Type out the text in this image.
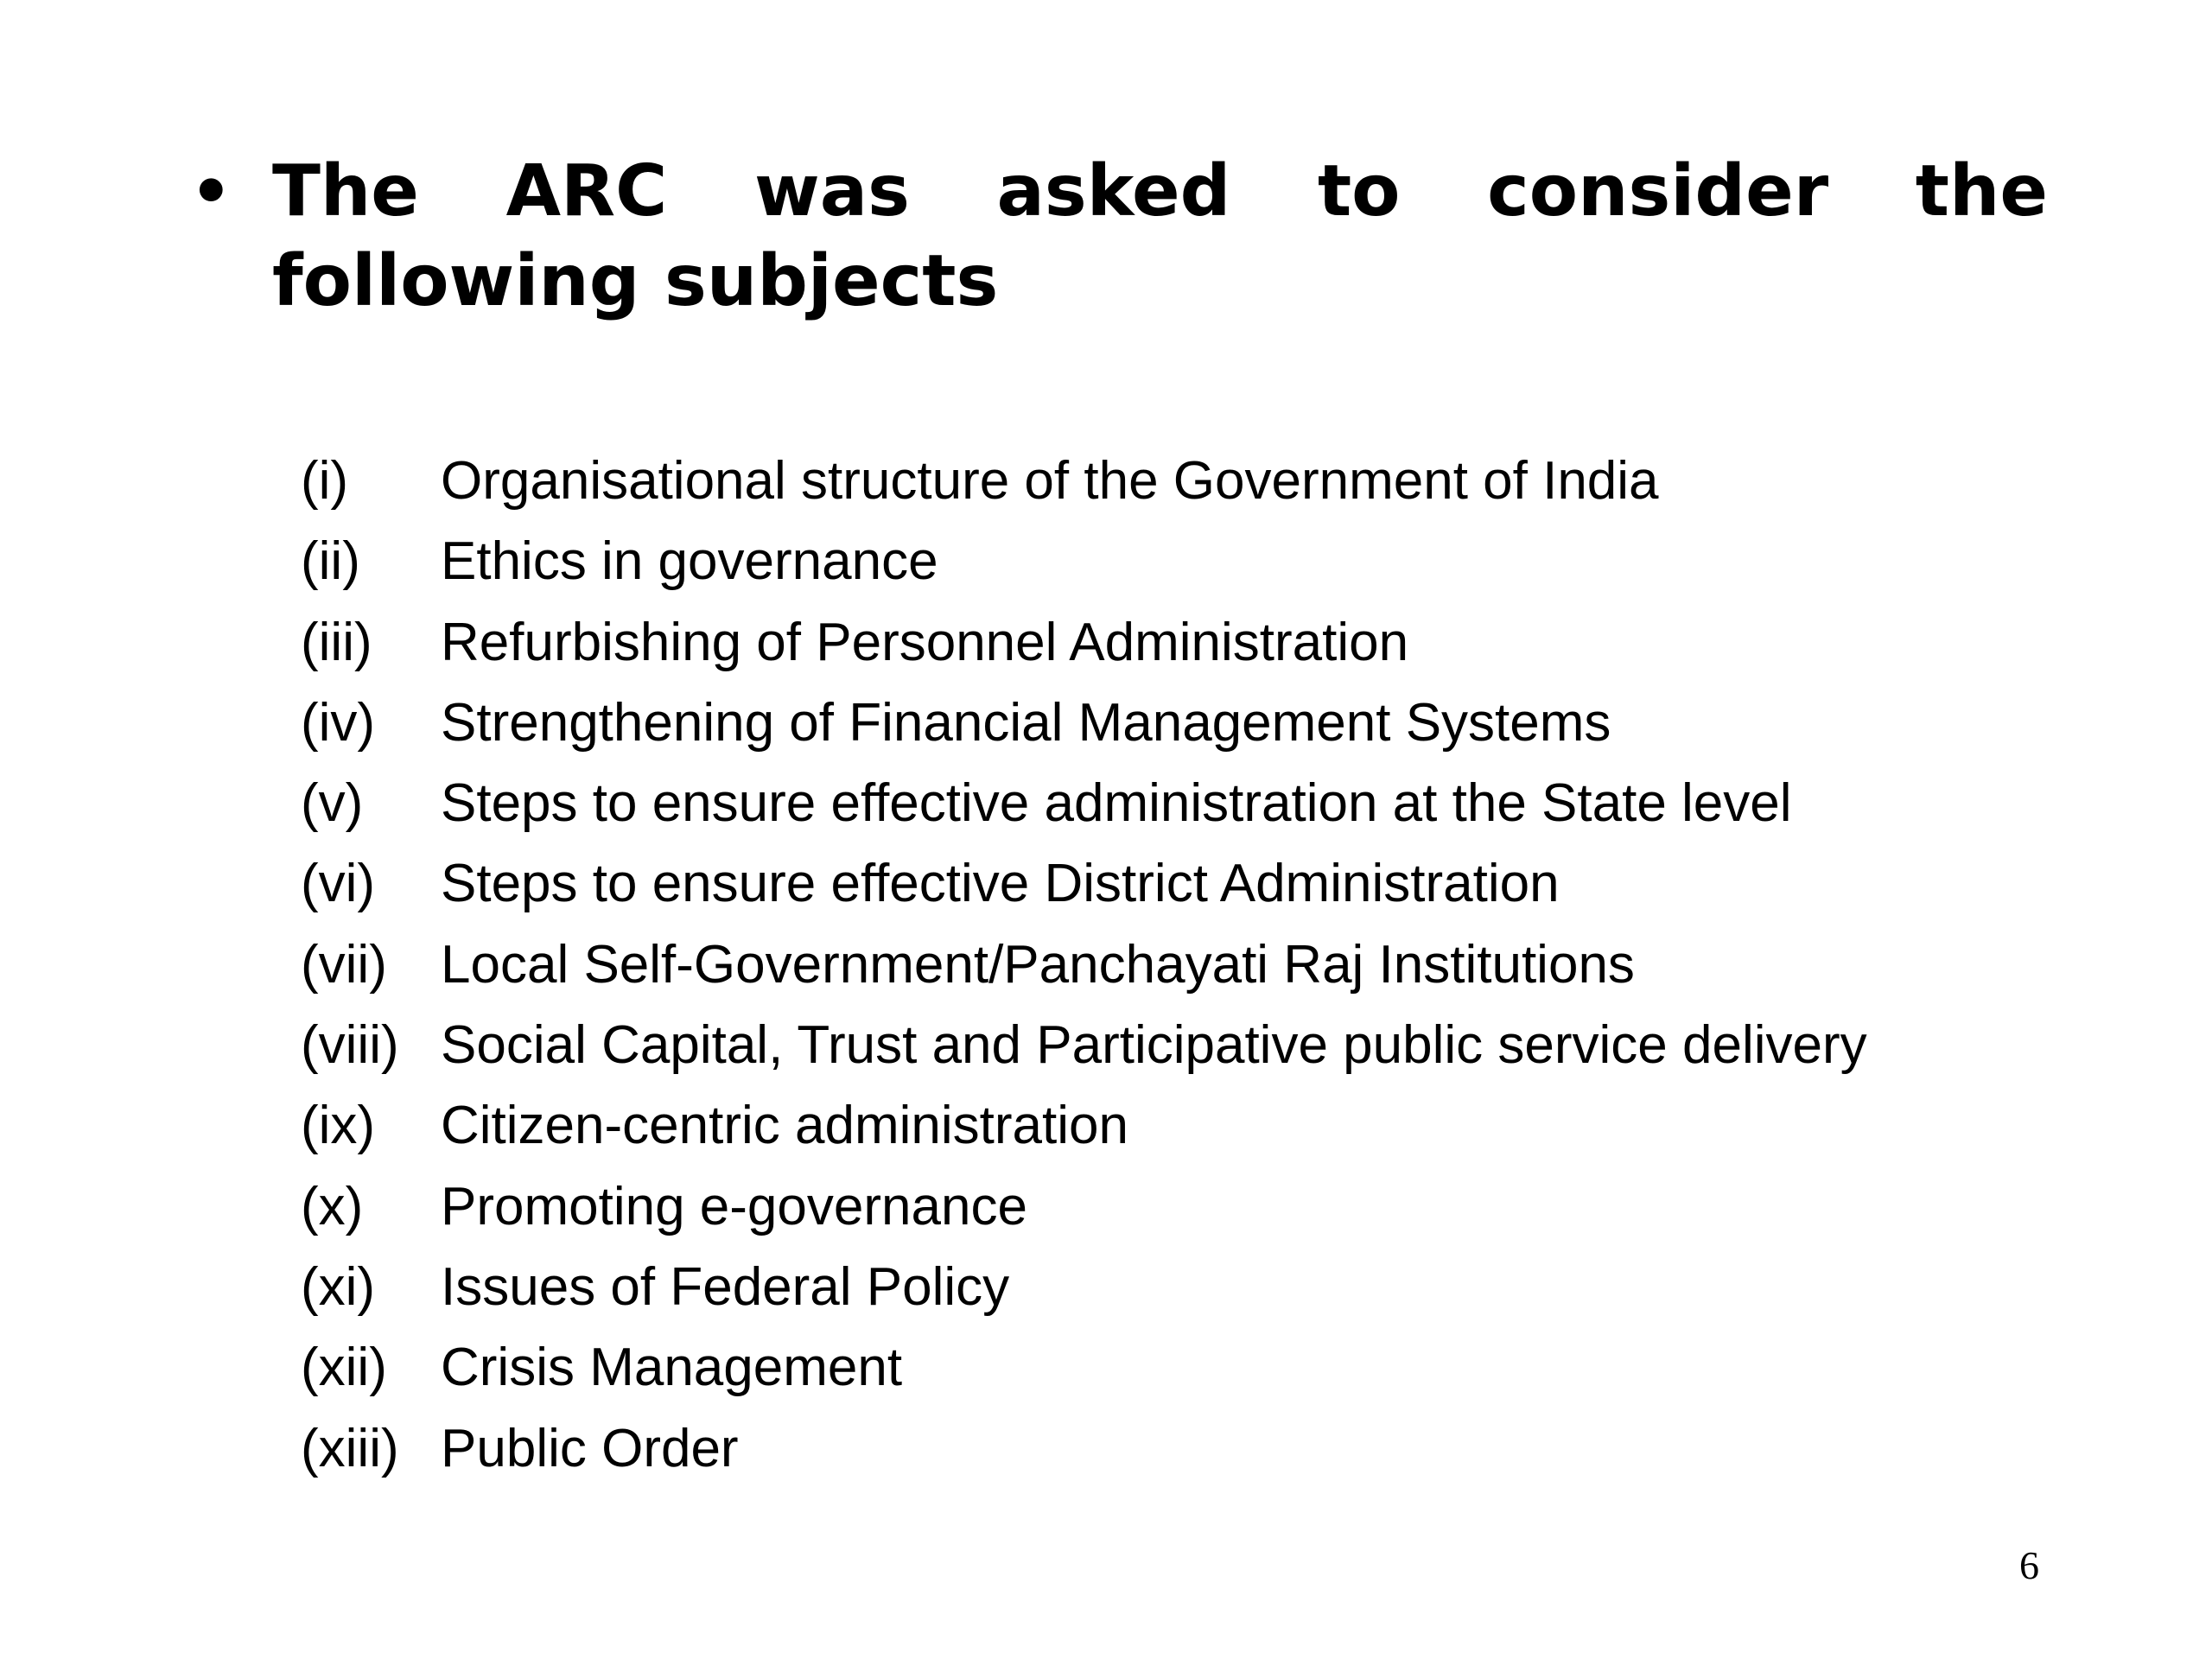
• The ARC was asked to consider the
following subjects
(i)	Organisational structure of the Government of India
(ii)	Ethics in governance
(iii)	Refurbishing of Personnel Administration
(iv)	Strengthening of Financial Management Systems
(v)	Steps to ensure effective administration at the State level
(vi)	Steps to ensure effective District Administration
(vii)	Local Self-Government/Panchayati Raj Institutions
(viii) Social Capital, Trust and Participative public service delivery
(ix)	Citizen-centric administration
(x)	Promoting e-governance
(xi)	Issues of Federal Policy
(xii)	Crisis Management
(xiii) Public Order
6
